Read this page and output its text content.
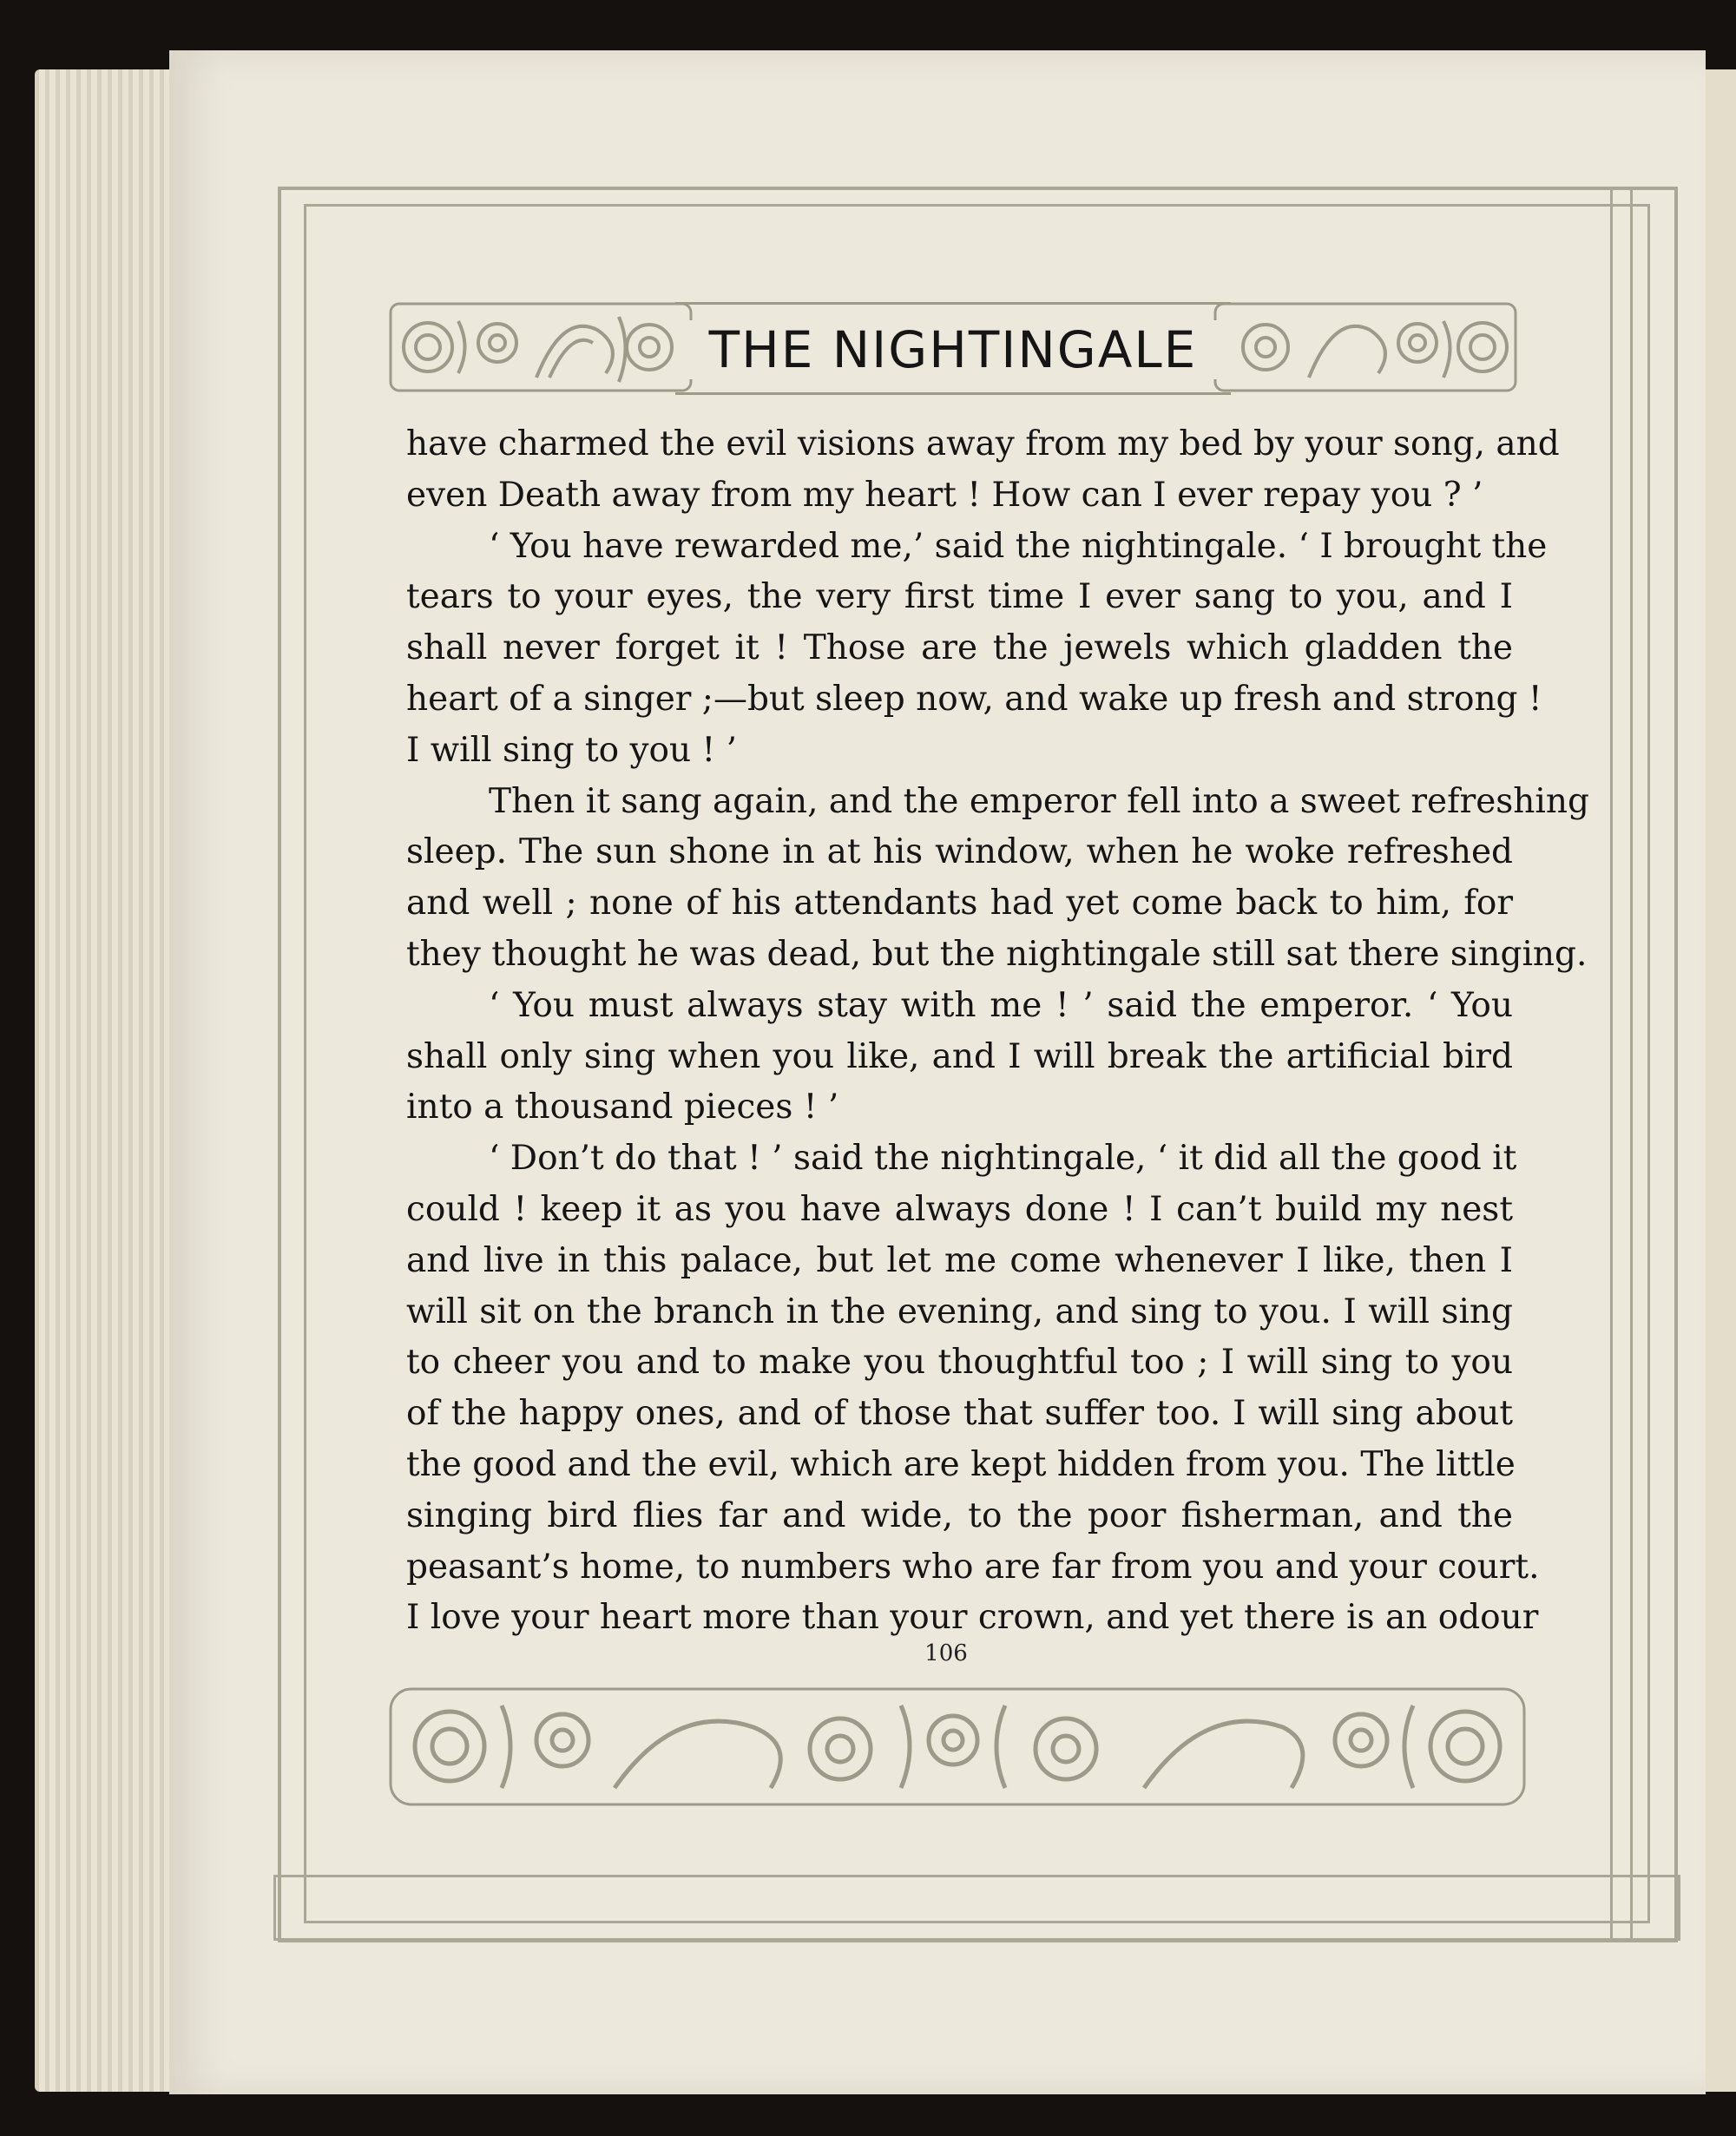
THE NIGHTINGALE
have charmed the evil visions away from my bed by your song, and
even Death away from my heart ! How can I ever repay you ? ’
‘ You have rewarded me,’ said the nightingale. ‘ I brought the
tears to your eyes, the very first time I ever sang to you, and I
shall never forget it ! Those are the jewels which gladden the
heart of a singer ;—but sleep now, and wake up fresh and strong !
I will sing to you ! ’
Then it sang again, and the emperor fell into a sweet refreshing
sleep. The sun shone in at his window, when he woke refreshed
and well ; none of his attendants had yet come back to him, for
they thought he was dead, but the nightingale still sat there singing.
‘ You must always stay with me ! ’ said the emperor. ‘ You
shall only sing when you like, and I will break the artificial bird
into a thousand pieces ! ’
‘ Don’t do that ! ’ said the nightingale, ‘ it did all the good it
could ! keep it as you have always done ! I can’t build my nest
and live in this palace, but let me come whenever I like, then I
will sit on the branch in the evening, and sing to you. I will sing
to cheer you and to make you thoughtful too ; I will sing to you
of the happy ones, and of those that suffer too. I will sing about
the good and the evil, which are kept hidden from you. The little
singing bird flies far and wide, to the poor fisherman, and the
peasant’s home, to numbers who are far from you and your court.
I love your heart more than your crown, and yet there is an odour
106
